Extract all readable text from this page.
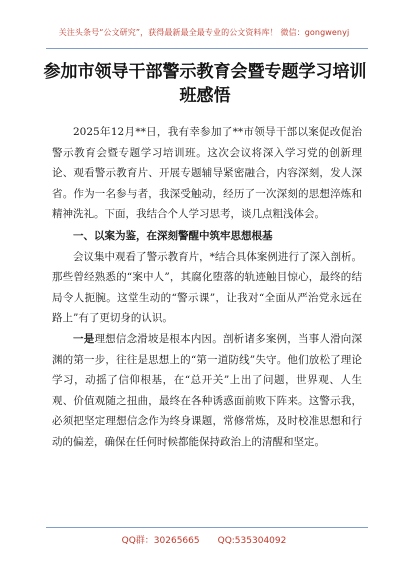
关注头条号“公文研究”，获得最新最全最专业的公文资料库！ 微信：gongwenyj
参加市领导干部警示教育会暨专题学习培训班感悟

2025年12月**日，我有幸参加了**市领导干部以案促改促治警示教育会暨专题学习培训班。这次会议将深入学习党的创新理论、观看警示教育片、开展专题辅导紧密融合，内容深刻，发人深省。作为一名参与者，我深受触动，经历了一次深刻的思想淬炼和精神洗礼。下面，我结合个人学习思考，谈几点粗浅体会。

一、以案为鉴，在深刻警醒中筑牢思想根基

会议集中观看了警示教育片，*结合具体案例进行了深入剖析。那些曾经熟悉的“案中人”，其腐化堕落的轨迹触目惊心，最终的结局令人扼腕。这堂生动的“警示课”，让我对“全面从严治党永远在路上”有了更切身的认识。

一是理想信念滑坡是根本内因。剖析诸多案例，当事人滑向深渊的第一步，往往是思想上的“第一道防线”失守。他们放松了理论学习，动摇了信仰根基，在“总开关”上出了问题，世界观、人生观、价值观随之扭曲，最终在各种诱惑面前败下阵来。这警示我，必须把坚定理想信念作为终身课题，常修常炼，及时校准思想和行动的偏差，确保在任何时候都能保持政治上的清醒和坚定。

QQ群：30265665 QQ:535304092
